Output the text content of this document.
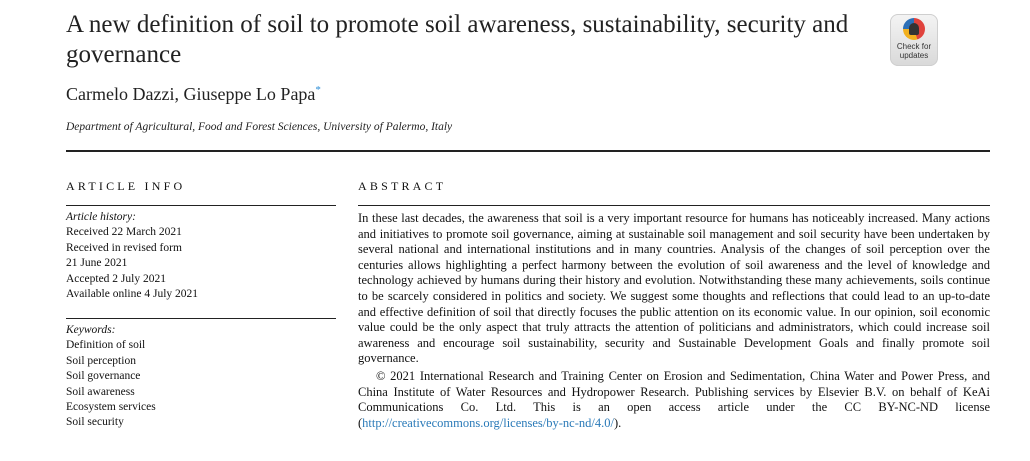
A new definition of soil to promote soil awareness, sustainability, security and governance	Check for
updates
Carmelo Dazzi, Giuseppe Lo Papa*
Department of Agricultural, Food and Forest Sciences, University of Palermo, Italy
ARTICLE INFO
Article history:
Received 22 March 2021
Received in revised form
21 June 2021
Accepted 2 July 2021
Available online 4 July 2021
Keywords:
Definition of soil
Soil perception
Soil governance
Soil awareness
Ecosystem services
Soil security
ABSTRACT

In these last decades, the awareness that soil is a very important resource for humans has noticeably increased. Many actions and initiatives to promote soil governance, aiming at sustainable soil management and soil security have been undertaken by several national and international institutions and in many countries. Analysis of the changes of soil perception over the centuries allows highlighting a perfect harmony between the evolution of soil awareness and the level of knowledge and technology achieved by humans during their history and evolution. Notwithstanding these many achievements, soils continue to be scarcely considered in politics and society. We suggest some thoughts and reflections that could lead to an up-to-date and effective definition of soil that directly focuses the public attention on its economic value. In our opinion, soil economic value could be the only aspect that truly attracts the attention of politicians and administrators, which could increase soil awareness and encourage soil sustainability, security and Sustainable Development Goals and finally promote soil governance.

© 2021 International Research and Training Center on Erosion and Sedimentation, China Water and Power Press, and China Institute of Water Resources and Hydropower Research. Publishing services by Elsevier B.V. on behalf of KeAi Communications Co. Ltd. This is an open access article under the CC BY-NC-ND license (http://creativecommons.org/licenses/by-nc-nd/4.0/).
